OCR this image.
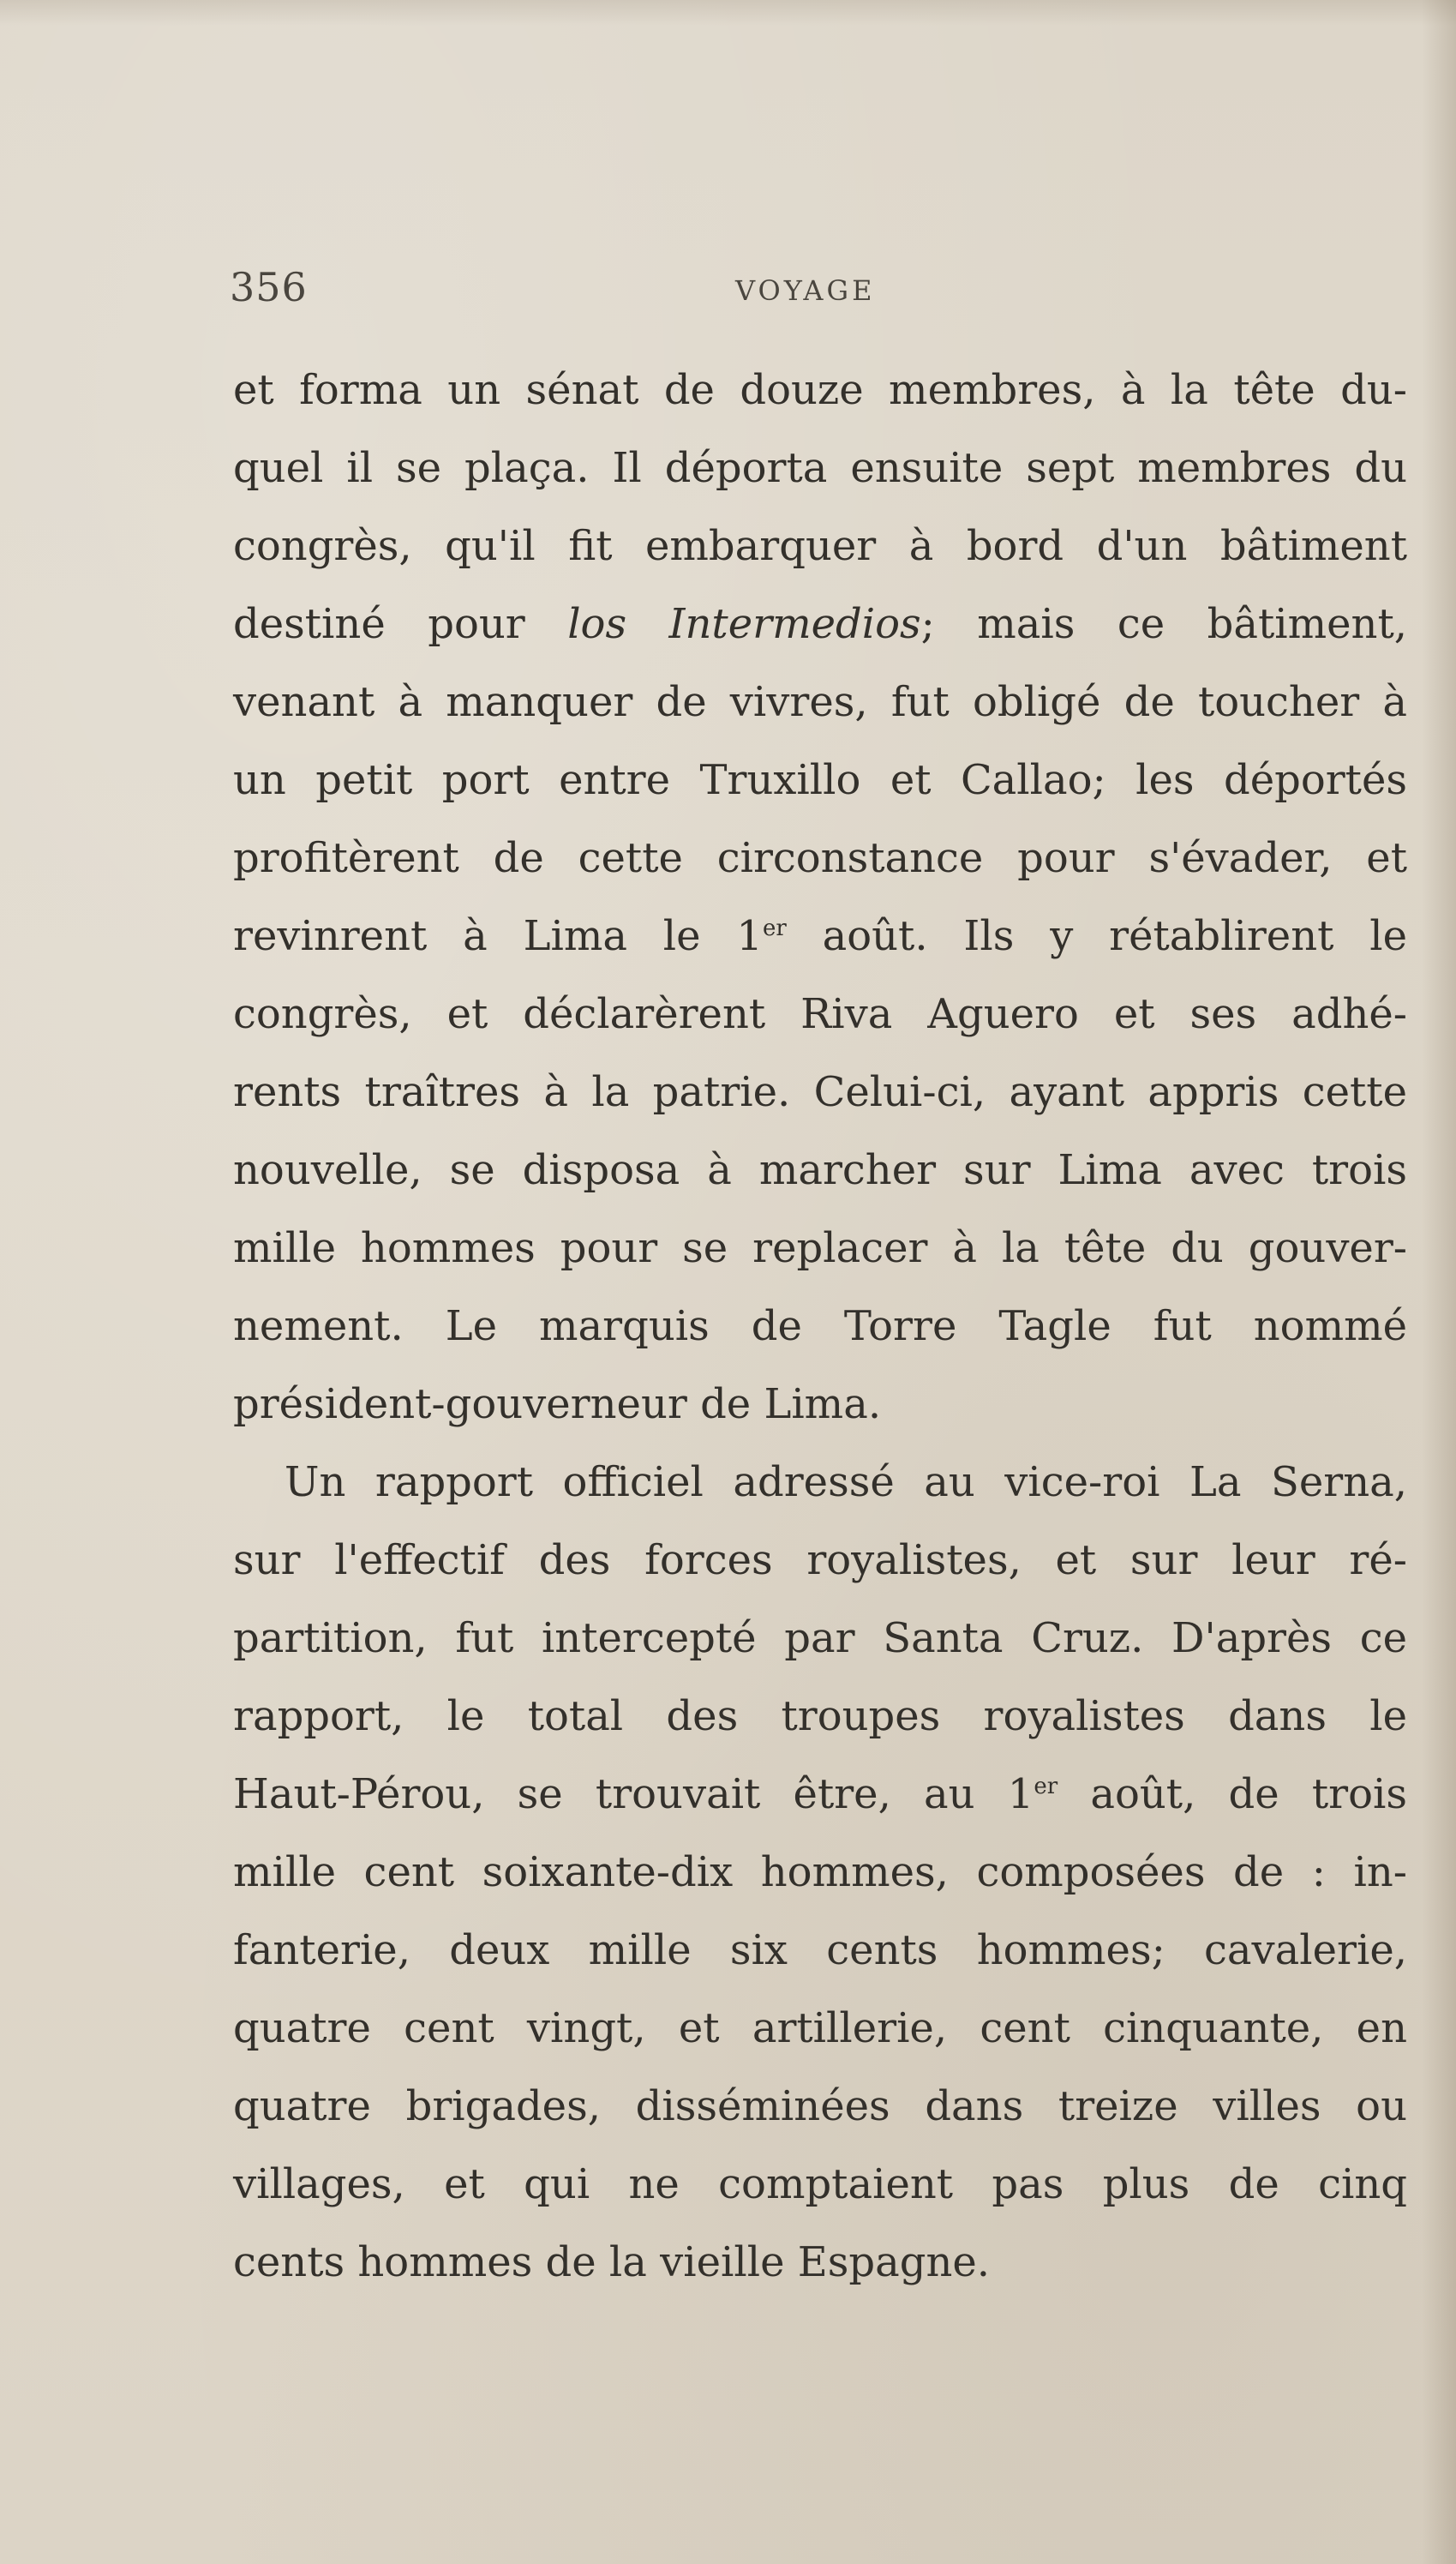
356	VOYAGE
et forma un sénat de douze membres, à la tête du-
quel il se plaça. Il déporta ensuite sept membres du
congrès, qu'il fit embarquer à bord d'un bâtiment
destiné pour los Intermedios; mais ce bâtiment,
venant à manquer de vivres, fut obligé de toucher à
un petit port entre Truxillo et Callao; les déportés
profitèrent de cette circonstance pour s'évader, et
revinrent à Lima le 1er août. Ils y rétablirent le
congrès, et déclarèrent Riva Aguero et ses adhé-
rents traîtres à la patrie. Celui-ci, ayant appris cette
nouvelle, se disposa à marcher sur Lima avec trois
mille hommes pour se replacer à la tête du gouver-
nement. Le marquis de Torre Tagle fut nommé
président-gouverneur de Lima.
Un rapport officiel adressé au vice-roi La Serna,
sur l'effectif des forces royalistes, et sur leur ré-
partition, fut intercepté par Santa Cruz. D'après ce
rapport, le total des troupes royalistes dans le
Haut-Pérou, se trouvait être, au 1er août, de trois
mille cent soixante-dix hommes, composées de : in-
fanterie, deux mille six cents hommes; cavalerie,
quatre cent vingt, et artillerie, cent cinquante, en
quatre brigades, disséminées dans treize villes ou
villages, et qui ne comptaient pas plus de cinq
cents hommes de la vieille Espagne.
